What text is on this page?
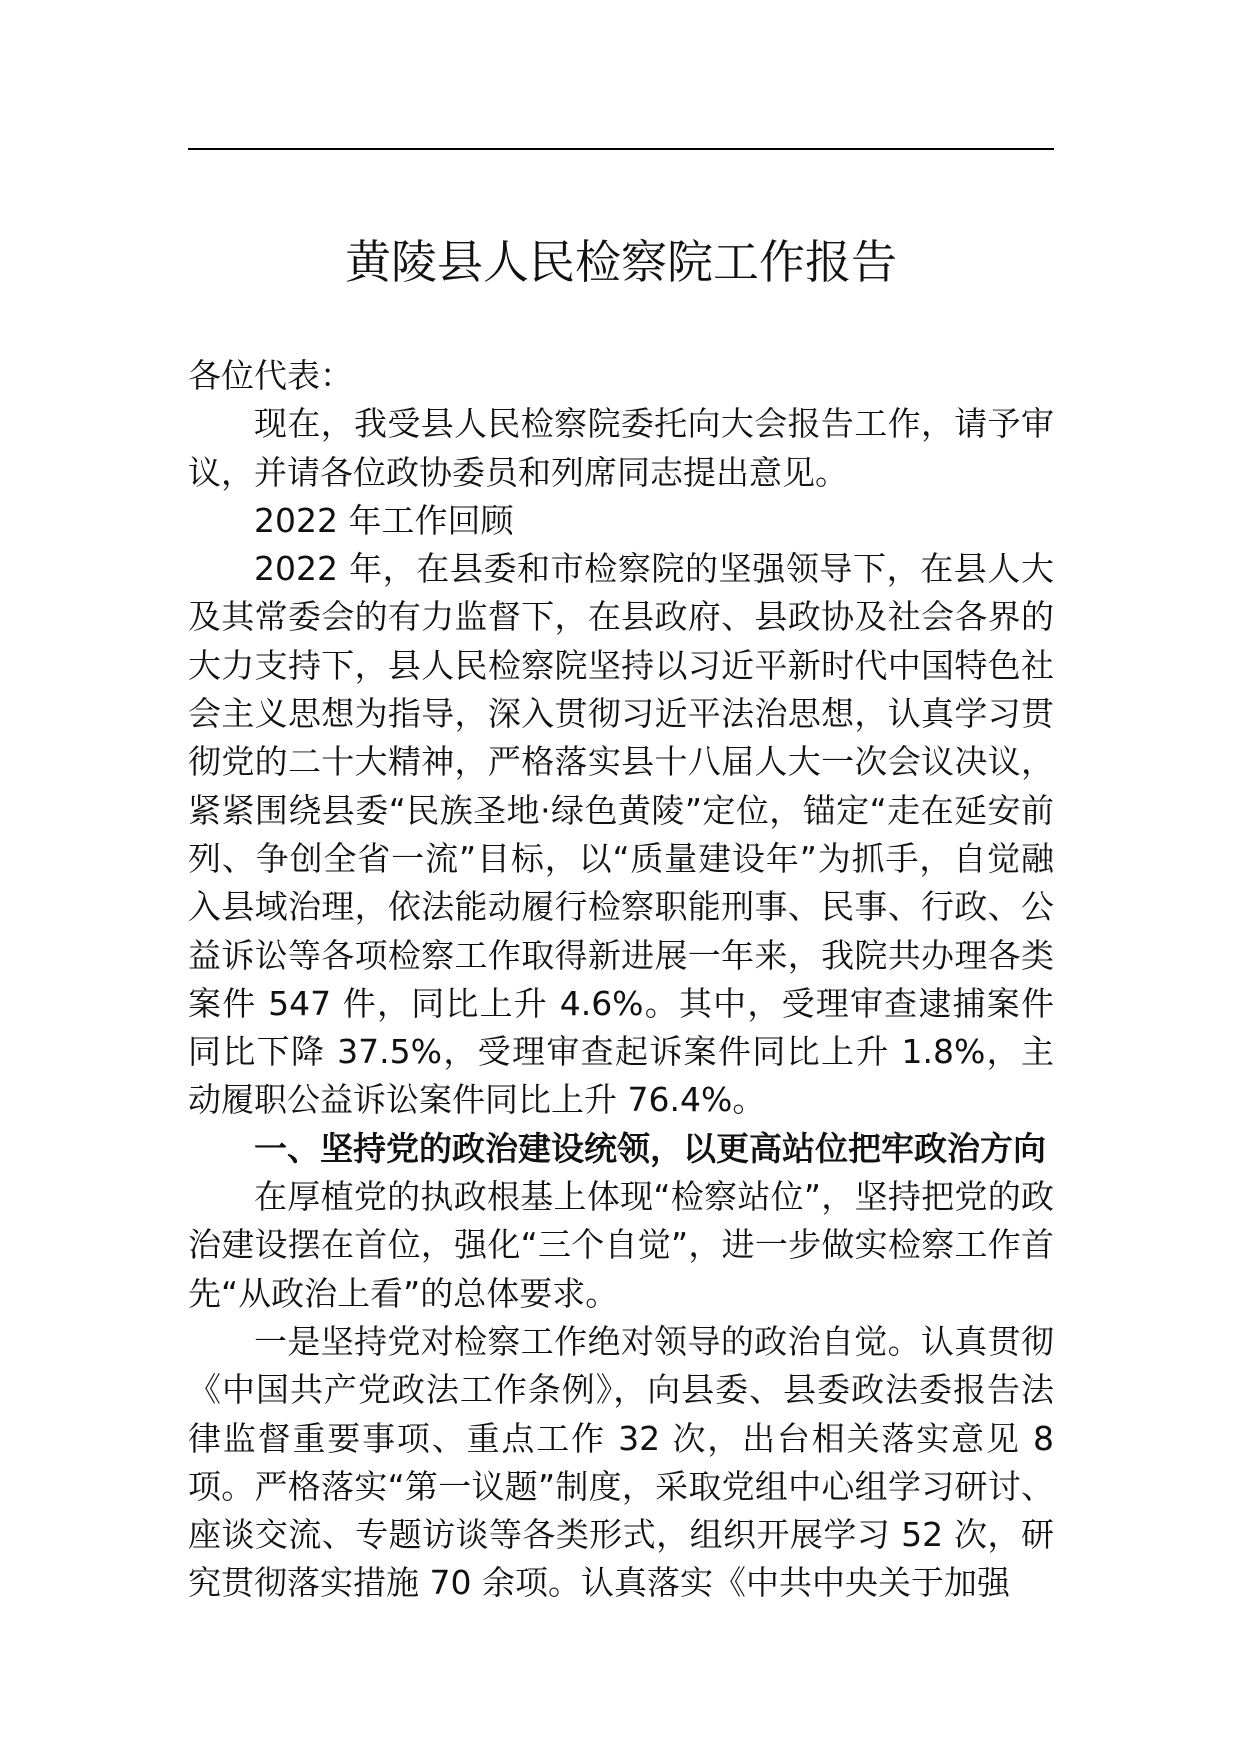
黄陵县人民检察院工作报告

各位代表：

现在，我受县人民检察院委托向大会报告工作，请予审议，并请各位政协委员和列席同志提出意见。

2022 年工作回顾

2022 年，在县委和市检察院的坚强领导下，在县人大及其常委会的有力监督下，在县政府、县政协及社会各界的大力支持下，县人民检察院坚持以习近平新时代中国特色社会主义思想为指导，深入贯彻习近平法治思想，认真学习贯彻党的二十大精神，严格落实县十八届人大一次会议决议，紧紧围绕县委“民族圣地·绿色黄陵”定位，锚定“走在延安前列、争创全省一流”目标，以“质量建设年”为抓手，自觉融入县域治理，依法能动履行检察职能刑事、民事、行政、公益诉讼等各项检察工作取得新进展一年来，我院共办理各类案件 547 件，同比上升 4.6%。其中，受理审查逮捕案件同比下降 37.5%，受理审查起诉案件同比上升 1.8%，主动履职公益诉讼案件同比上升 76.4%。

一、坚持党的政治建设统领，以更高站位把牢政治方向

在厚植党的执政根基上体现“检察站位”，坚持把党的政治建设摆在首位，强化“三个自觉”，进一步做实检察工作首先“从政治上看”的总体要求。

一是坚持党对检察工作绝对领导的政治自觉。认真贯彻《中国共产党政法工作条例》，向县委、县委政法委报告法律监督重要事项、重点工作 32 次，出台相关落实意见 8 项。严格落实“第一议题”制度，采取党组中心组学习研讨、座谈交流、专题访谈等各类形式，组织开展学习 52 次，研究贯彻落实措施 70 余项。认真落实《中共中央关于加强
